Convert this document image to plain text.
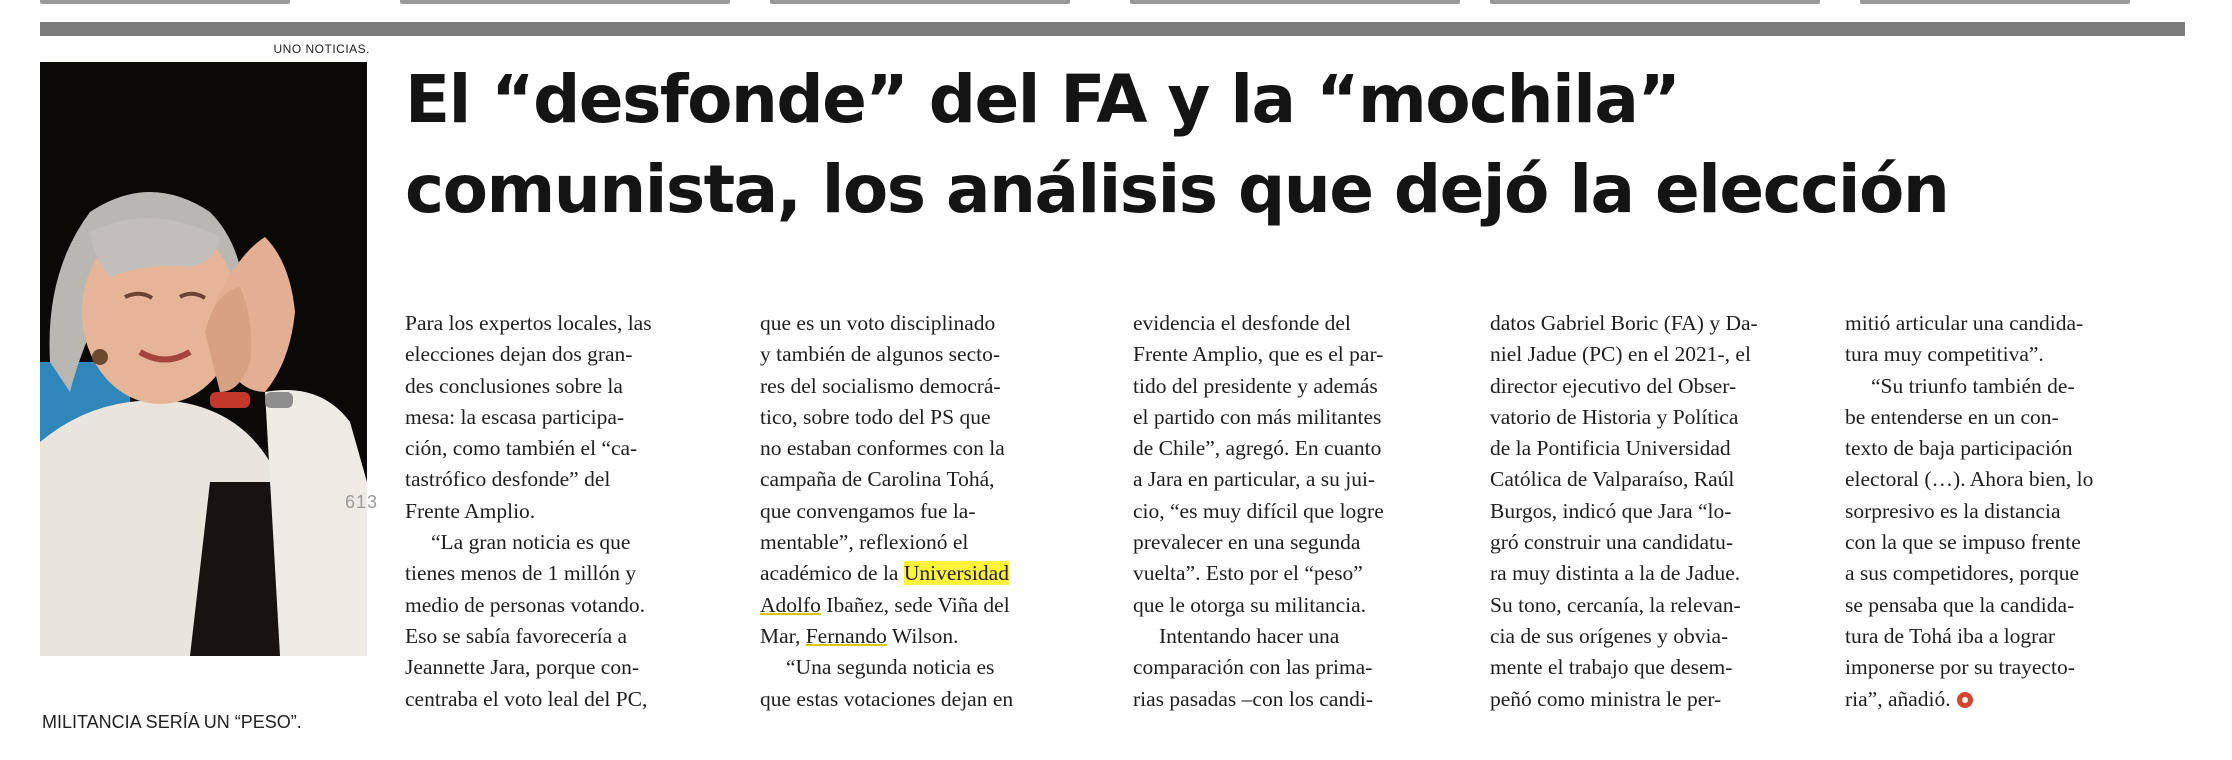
UNO NOTICIAS.
613
MILITANCIA SERÍA UN “PESO”.
El “desfonde” del FA y la “mochila”
comunista, los análisis que dejó la elección
Para los expertos locales, las
elecciones dejan dos gran-
des conclusiones sobre la
mesa: la escasa participa-
ción, como también el “ca-
tastrófico desfonde” del
Frente Amplio.
“La gran noticia es que
tienes menos de 1 millón y
medio de personas votando.
Eso se sabía favorecería a
Jeannette Jara, porque con-
centraba el voto leal del PC,
que es un voto disciplinado
y también de algunos secto-
res del socialismo democrá-
tico, sobre todo del PS que
no estaban conformes con la
campaña de Carolina Tohá,
que convengamos fue la-
mentable”, reflexionó el
académico de la Universidad
Adolfo Ibañez, sede Viña del
Mar, Fernando Wilson.
“Una segunda noticia es
que estas votaciones dejan en
evidencia el desfonde del
Frente Amplio, que es el par-
tido del presidente y además
el partido con más militantes
de Chile”, agregó. En cuanto
a Jara en particular, a su jui-
cio, “es muy difícil que logre
prevalecer en una segunda
vuelta”. Esto por el “peso”
que le otorga su militancia.
Intentando hacer una
comparación con las prima-
rias pasadas –con los candi-
datos Gabriel Boric (FA) y Da-
niel Jadue (PC) en el 2021-, el
director ejecutivo del Obser-
vatorio de Historia y Política
de la Pontificia Universidad
Católica de Valparaíso, Raúl
Burgos, indicó que Jara “lo-
gró construir una candidatu-
ra muy distinta a la de Jadue.
Su tono, cercanía, la relevan-
cia de sus orígenes y obvia-
mente el trabajo que desem-
peñó como ministra le per-
mitió articular una candida-
tura muy competitiva”.
“Su triunfo también de-
be entenderse en un con-
texto de baja participación
electoral (…). Ahora bien, lo
sorpresivo es la distancia
con la que se impuso frente
a sus competidores, porque
se pensaba que la candida-
tura de Tohá iba a lograr
imponerse por su trayecto-
ria”, añadió.
